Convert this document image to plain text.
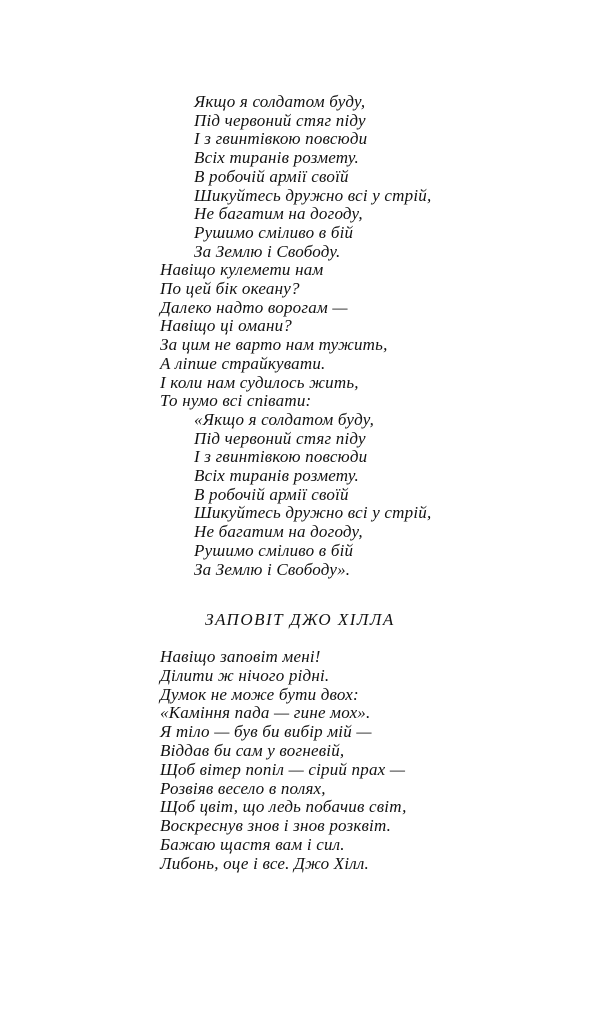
Якщо я солдатом буду,
Під червоний стяг піду
І з гвинтівкою повсюди
Всіх тиранів розмету.
В робочій армії своїй
Шикуйтесь дружно всі у стрій,
Не багатим на догоду,
Рушимо сміливо в бій
За Землю і Свободу.
Навіщо кулемети нам
По цей бік океану?
Далеко надто ворогам —
Навіщо ці омани?
За цим не варто нам тужить,
А ліпше страйкувати.
І коли нам судилось жить,
То нумо всі співати:
«Якщо я солдатом буду,
Під червоний стяг піду
І з гвинтівкою повсюди
Всіх тиранів розмету.
В робочій армії своїй
Шикуйтесь дружно всі у стрій,
Не багатим на догоду,
Рушимо сміливо в бій
За Землю і Свободу».
ЗАПОВІТ ДЖО ХІЛЛА
Навіщо заповіт мені!
Ділити ж нічого рідні.
Думок не може бути двох:
«Каміння пада — гине мох».
Я тіло — був би вибір мій —
Віддав би сам у вогневій,
Щоб вітер попіл — сірий прах —
Розвіяв весело в полях,
Щоб цвіт, що ледь побачив світ,
Воскреснув знов і знов розквіт.
Бажаю щастя вам і сил.
Либонь, оце і все. Джо Хілл.
